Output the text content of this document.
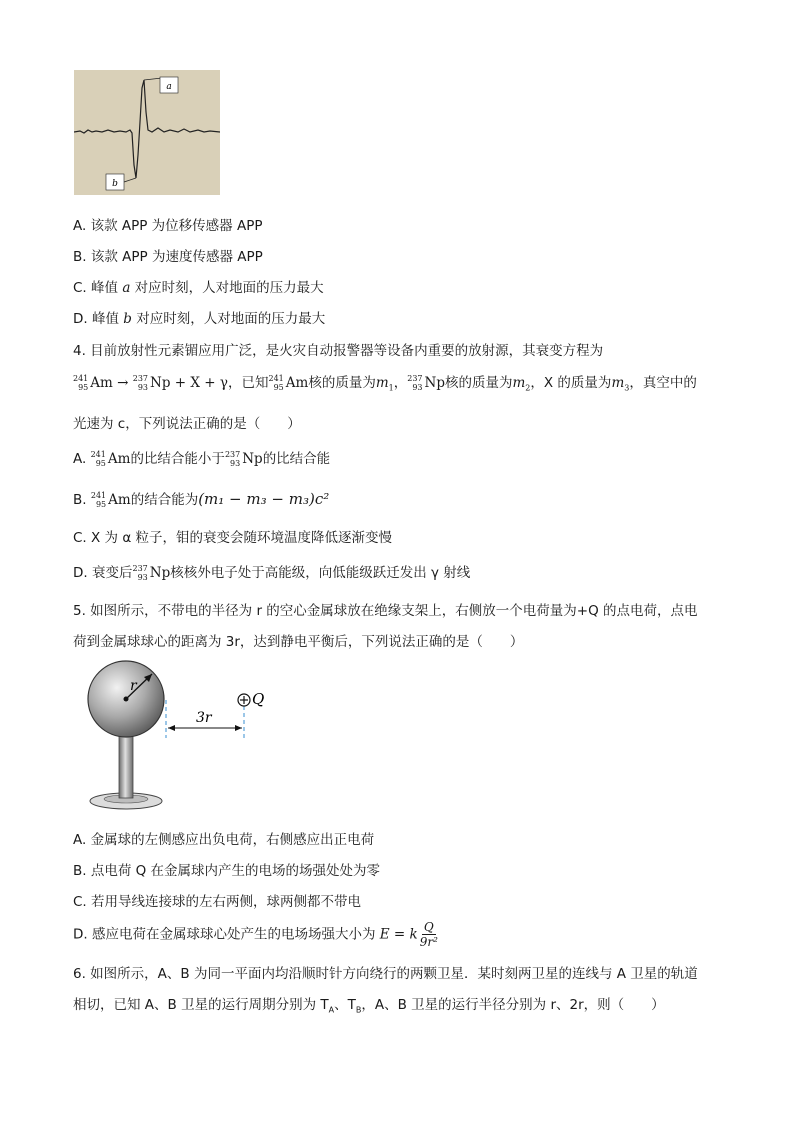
a
b
A. 该款 APP 为位移传感器 APP
B. 该款 APP 为速度传感器 APP
C. 峰值 a 对应时刻，人对地面的压力最大
D. 峰值 b 对应时刻，人对地面的压力最大
4. 目前放射性元素镅应用广泛，是火灾自动报警器等设备内重要的放射源，其衰变方程为
241
95 Am → 237
93 Np + X + γ，已知 241
95 Am核的质量为$m_1$， 237
93 Np核的质量为$m_2$，X 的质量为$m_3$，真空中的
光速为 c，下列说法正确的是（　　）
A. 241
95 Am的比结合能小于 237
93 Np的比结合能
B. 241
95 Am的结合能为(m₁ − m₃ − m₃)c²
C. X 为 α 粒子，钼的衰变会随环境温度降低逐渐变慢
D. 衰变后 237
93 Np核核外电子处于高能级，向低能级跃迁发出 γ 射线
5. 如图所示，不带电的半径为 r 的空心金属球放在绝缘支架上，右侧放一个电荷量为+Q 的点电荷，点电
荷到金属球球心的距离为 3r，达到静电平衡后，下列说法正确的是（　　）
r
3r
Q
A. 金属球的左侧感应出负电荷，右侧感应出正电荷
B. 点电荷 Q 在金属球内产生的电场的场强处处为零
C. 若用导线连接球的左右两侧，球两侧都不带电
D. 感应电荷在金属球球心处产生的电场场强大小为 E = k $\frac{Q}{\text{9r²}}$
6. 如图所示，A、B 为同一平面内均沿顺时针方向绕行的两颗卫星．某时刻两卫星的连线与 A 卫星的轨道
相切，已知 A、B 卫星的运行周期分别为 $T_A$、$T_B$，A、B 卫星的运行半径分别为 r、2r，则（　　）
